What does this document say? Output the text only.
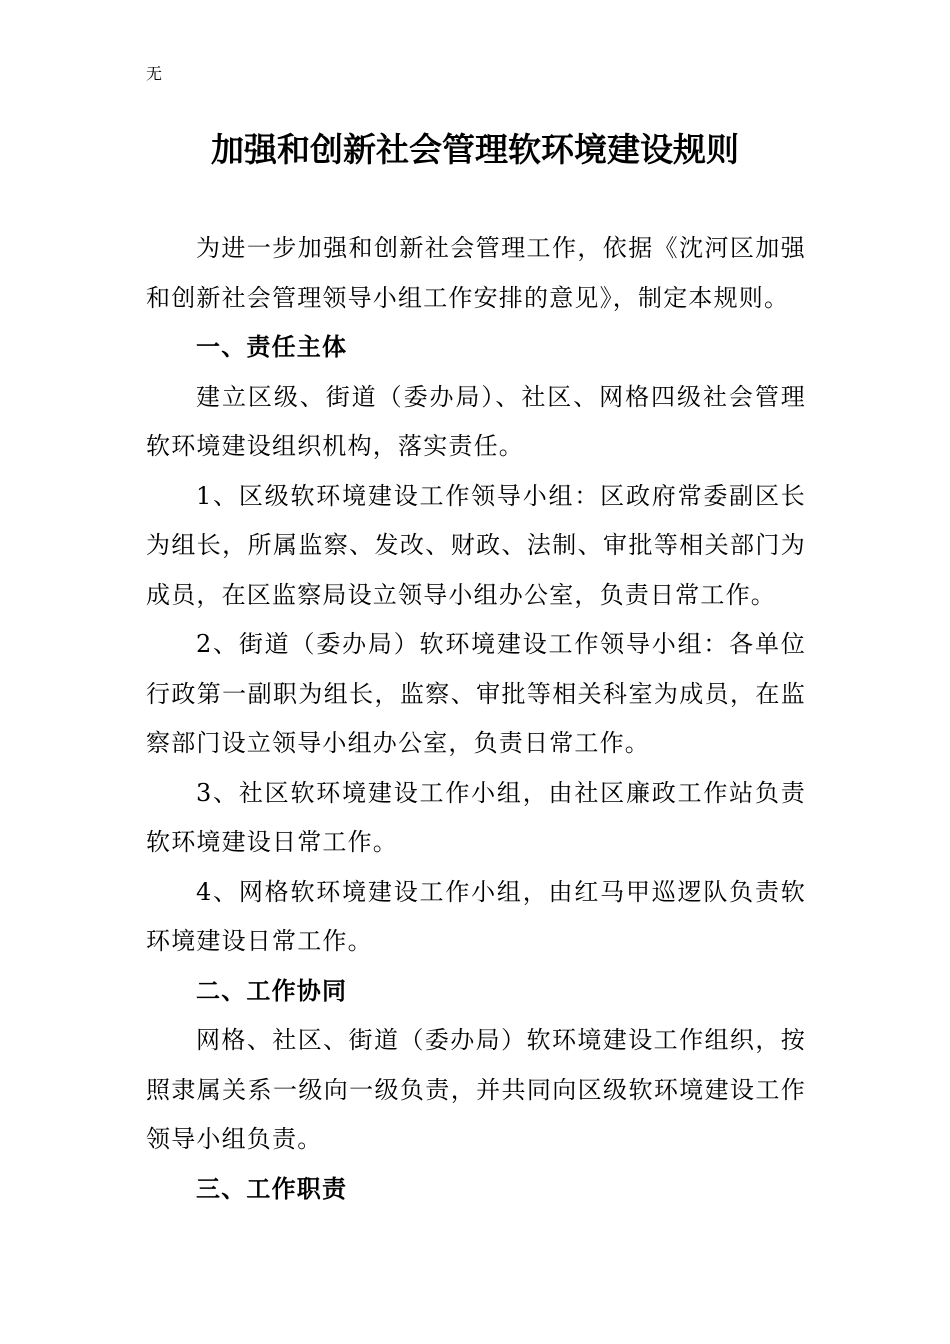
无
加强和创新社会管理软环境建设规则

为进一步加强和创新社会管理工作，依据《沈河区加强和创新社会管理领导小组工作安排的意见》，制定本规则。

一、责任主体

建立区级、街道（委办局）、社区、网格四级社会管理软环境建设组织机构，落实责任。

1、区级软环境建设工作领导小组：区政府常委副区长为组长，所属监察、发改、财政、法制、审批等相关部门为成员，在区监察局设立领导小组办公室，负责日常工作。

2、街道（委办局）软环境建设工作领导小组：各单位行政第一副职为组长，监察、审批等相关科室为成员，在监察部门设立领导小组办公室，负责日常工作。

3、社区软环境建设工作小组，由社区廉政工作站负责软环境建设日常工作。

4、网格软环境建设工作小组，由红马甲巡逻队负责软环境建设日常工作。

二、工作协同

网格、社区、街道（委办局）软环境建设工作组织，按照隶属关系一级向一级负责，并共同向区级软环境建设工作领导小组负责。

三、工作职责
